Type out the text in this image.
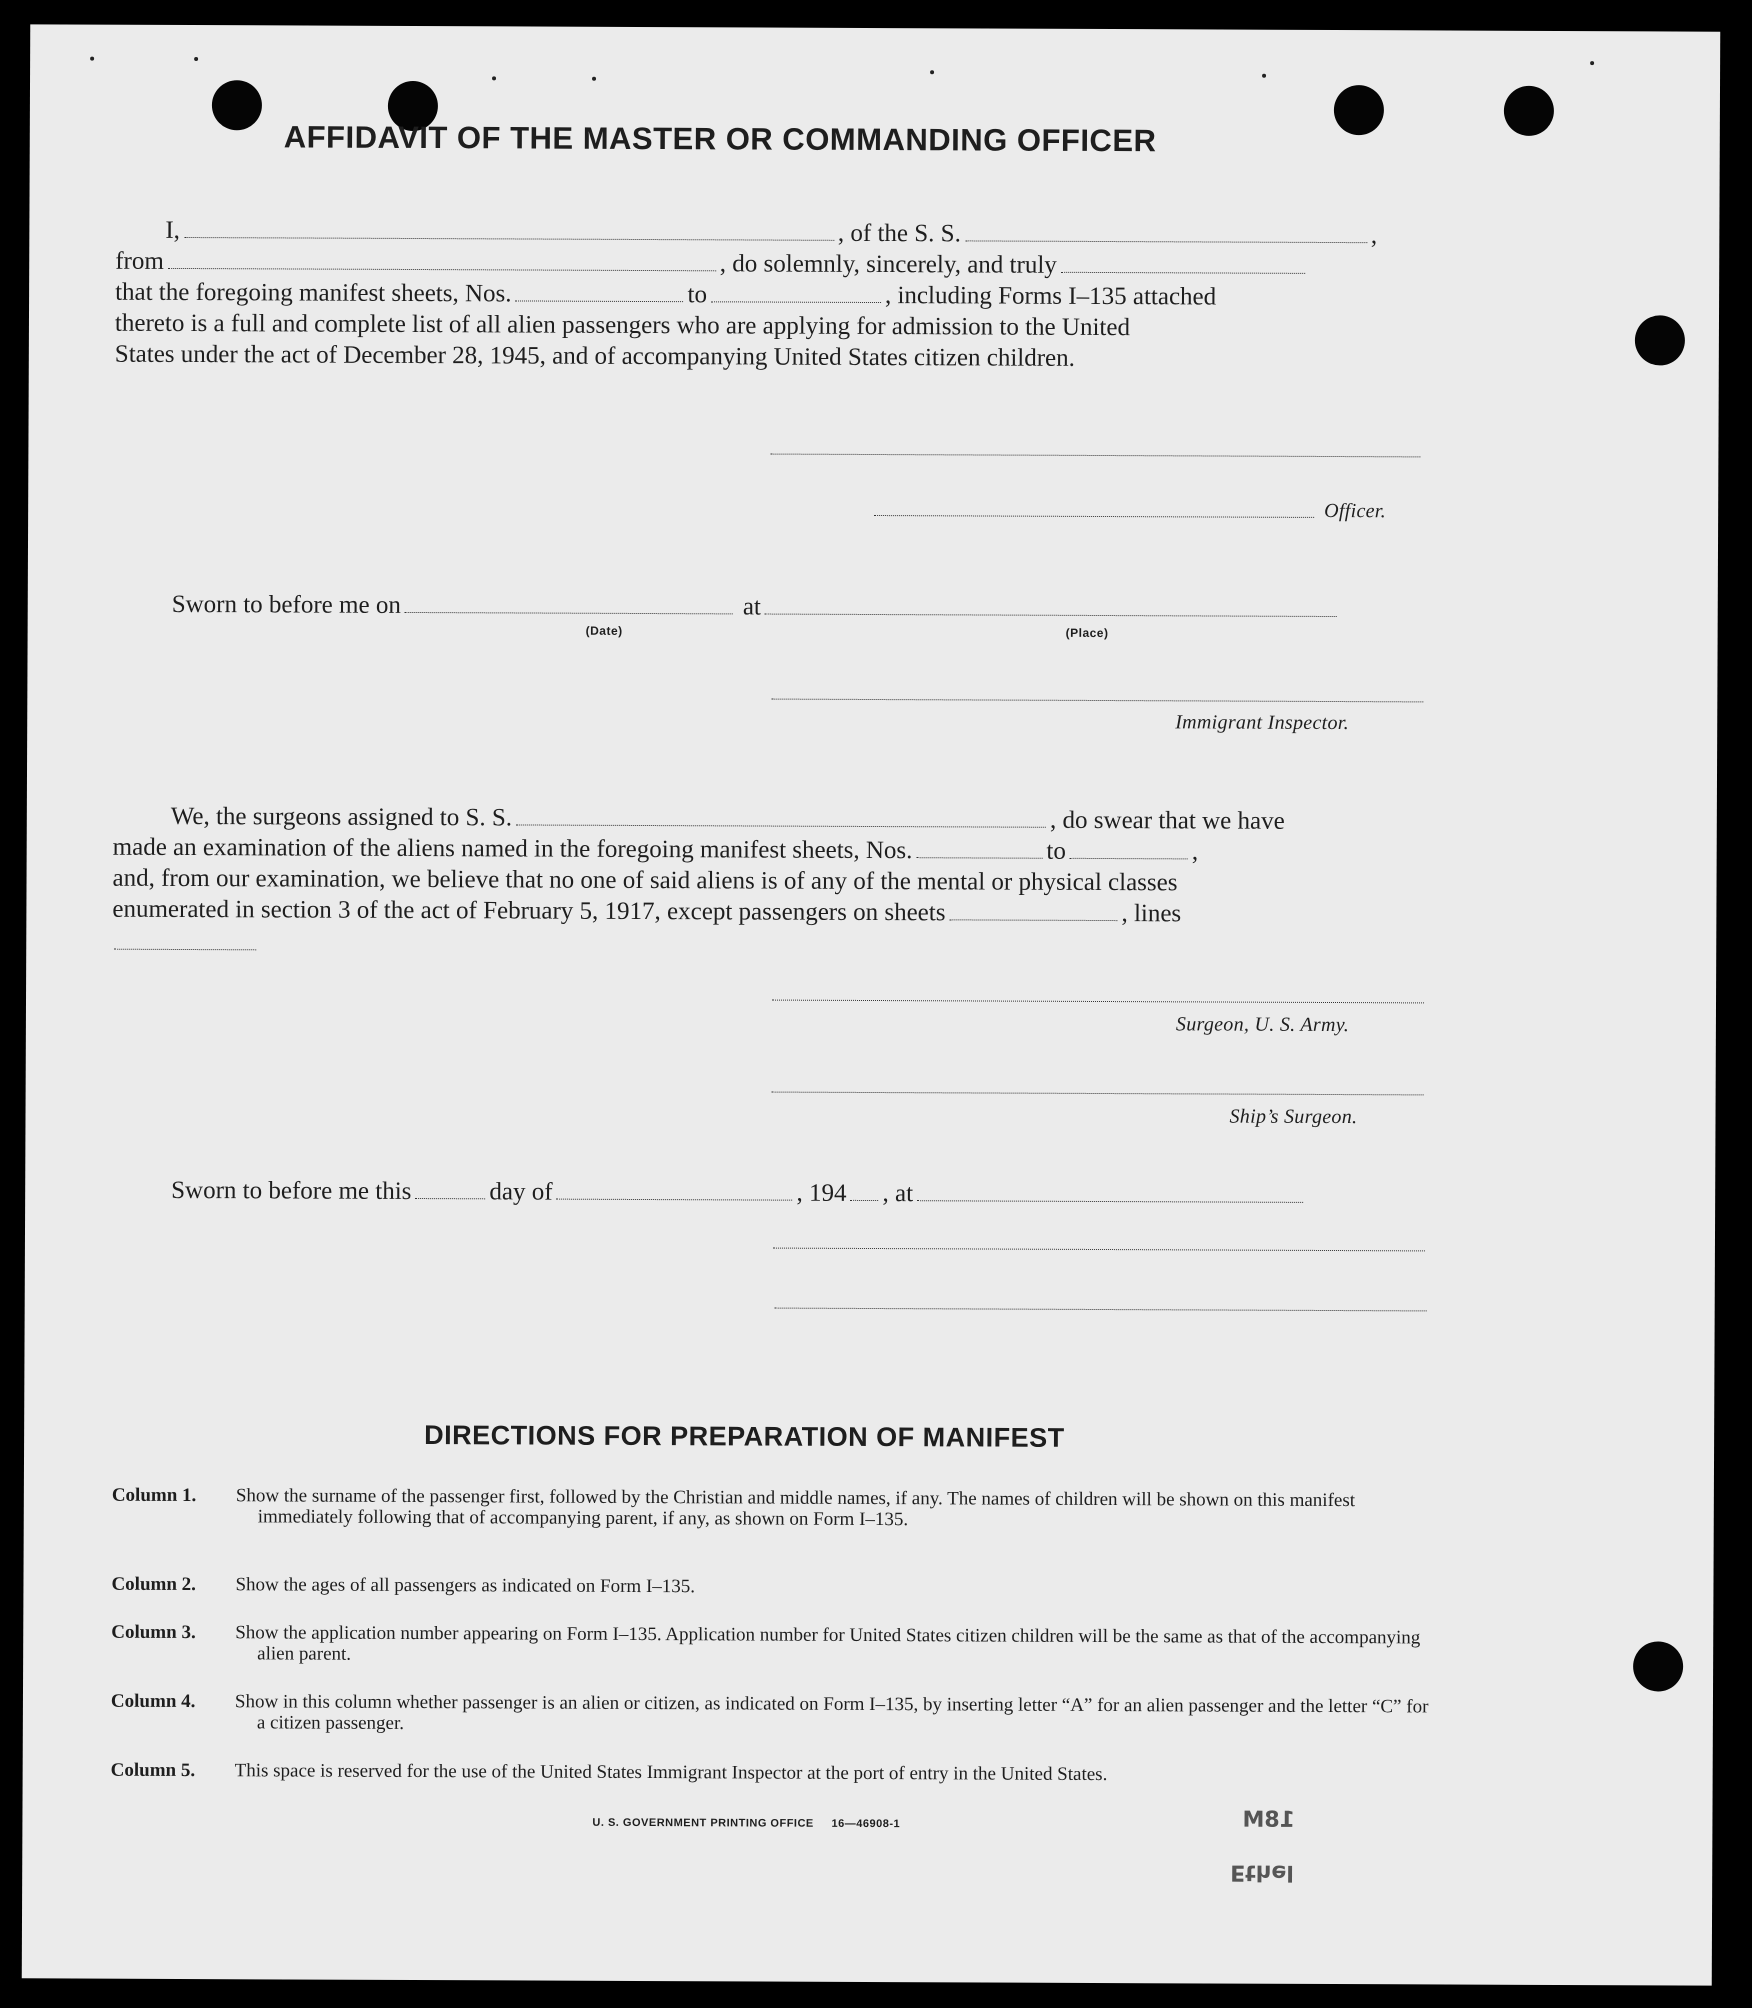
AFFIDAVIT OF THE MASTER OR COMMANDING OFFICER
I,	, of the S. S.	,
from	, do solemnly, sincerely, and truly
that the foregoing manifest sheets, Nos.	to	, including Forms I–135 attached
thereto is a full and complete list of all alien passengers who are applying for admission to the United
States under the act of December 28, 1945, and of accompanying United States citizen children.
Officer.
Sworn to before me on	at
(Date)	(Place)
Immigrant Inspector.
We, the surgeons assigned to S. S.	, do swear that we have
made an examination of the aliens named in the foregoing manifest sheets, Nos.	to	,
and, from our examination, we believe that no one of said aliens is of any of the mental or physical classes
enumerated in section 3 of the act of February 5, 1917, except passengers on sheets	, lines
Surgeon, U. S. Army.
Ship’s Surgeon.
Sworn to before me this	day of	, 194 , at
DIRECTIONS FOR PREPARATION OF MANIFEST
Column 1. Show the surname of the passenger first, followed by the Christian and middle names, if any. The names of children will be shown on this manifest immediately following that of accompanying parent, if any, as shown on Form I–135.
Column 2. Show the ages of all passengers as indicated on Form I–135.
Column 3. Show the application number appearing on Form I–135. Application number for United States citizen children will be the same as that of the accompanying alien parent.
Column 4. Show in this column whether passenger is an alien or citizen, as indicated on Form I–135, by inserting letter “A” for an alien passenger and the letter “C” for a citizen passenger.
Column 5. This space is reserved for the use of the United States Immigrant Inspector at the port of entry in the United States.
U. S. GOVERNMENT PRINTING OFFICE     16—46908-1	18M
Ethel
